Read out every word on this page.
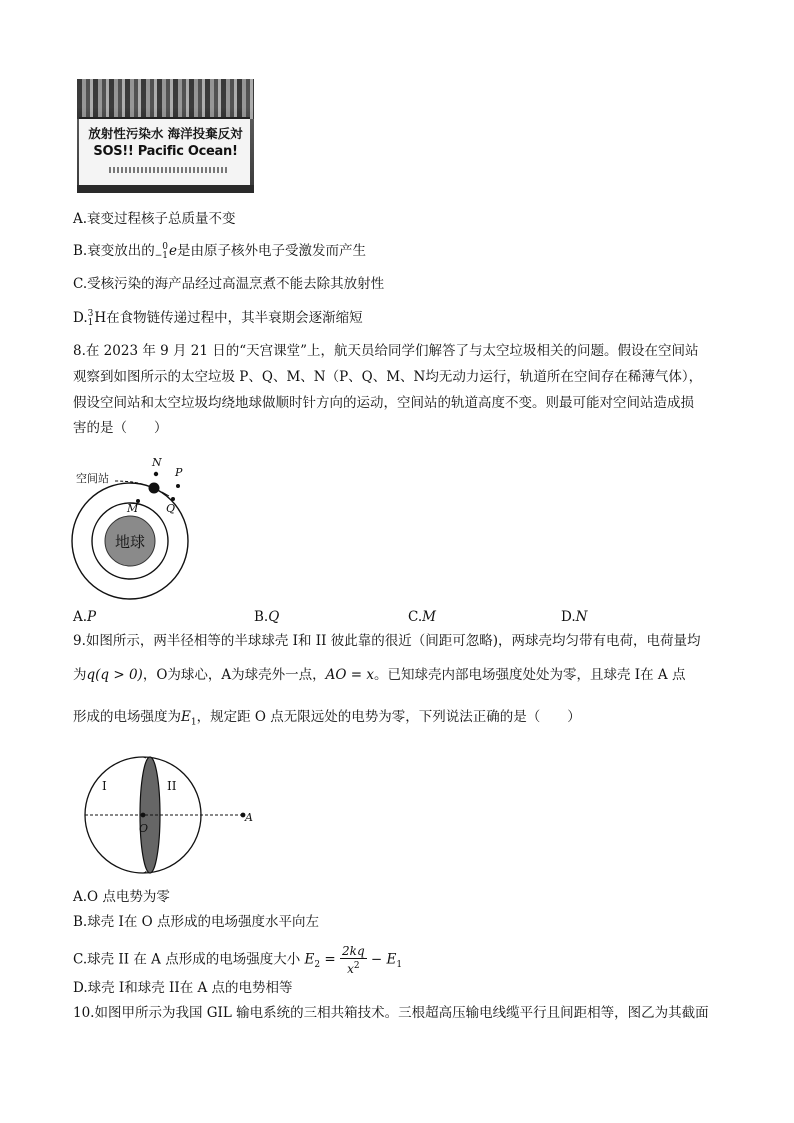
放射性污染水 海洋投棄反対
SOS!! Pacific Ocean!
A.衰变过程核子总质量不变
B.衰变放出的 0
−1 e是由原子核外电子受激发而产生
C.受核污染的海产品经过高温烹煮不能去除其放射性
D. 3
1 H在食物链传递过程中，其半衰期会逐渐缩短
8.在 2023 年 9 月 21 日的“天宫课堂”上，航天员给同学们解答了与太空垃圾相关的问题。假设在空间站
观察到如图所示的太空垃圾 P、Q、M、N（P、Q、M、N均无动力运行，轨道所在空间存在稀薄气体），
假设空间站和太空垃圾均绕地球做顺时针方向的运动，空间站的轨道高度不变。则最可能对空间站造成损
害的是（　　）
地球
空间站
N
P
M	Q
A.P	B.Q	C.M	D.N
9.如图所示，两半径相等的半球球壳 I和 II 彼此靠的很近（间距可忽略)，两球壳均匀带有电荷，电荷量均
为q(q > 0)，O为球心，A为球壳外一点，AO = x。已知球壳内部电场强度处处为零，且球壳 I在 A 点
形成的电场强度为$E_1$，规定距 O 点无限远处的电势为零，下列说法正确的是（　　）
I	II
O
A
A.O 点电势为零
B.球壳 I在 O 点形成的电场强度水平向左
C.球壳 II 在 A 点形成的电场强度大小 $E_2 = \frac{2kq}{x^2} - E_1$
D.球壳 I和球壳 II在 A 点的电势相等
10.如图甲所示为我国 GIL 输电系统的三相共箱技术。三根超高压输电线缆平行且间距相等，图乙为其截面
